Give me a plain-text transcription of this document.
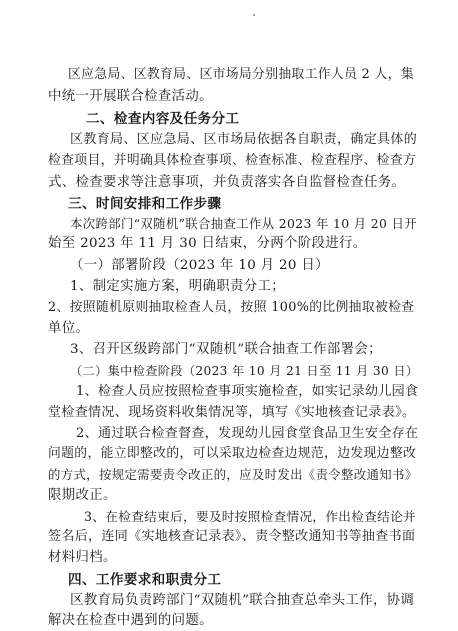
区应急局、区教育局、区市场局分别抽取工作人员 2 人，集
中统一开展联合检查活动。
二、检查内容及任务分工
区教育局、区应急局、区市场局依据各自职责，确定具体的
检查项目，并明确具体检查事项、检查标准、检查程序、检查方
式、检查要求等注意事项，并负责落实各自监督检查任务。
三、时间安排和工作步骤
本次跨部门“双随机”联合抽查工作从 2023 年 10 月 20 日开
始至 2023 年 11 月 30 日结束，分两个阶段进行。
（一）部署阶段（2023 年 10 月 20 日）
1、制定实施方案，明确职责分工；
2、按照随机原则抽取检查人员，按照 100%的比例抽取被检查
单位。
3、召开区级跨部门“双随机”联合抽查工作部署会；
（二）集中检查阶段（2023 年 10 月 21 日至 11 月 30 日）
1、检查人员应按照检查事项实施检查，如实记录幼儿园食
堂检查情况、现场资料收集情况等，填写《实地核查记录表》。
2、通过联合检查督查，发现幼儿园食堂食品卫生安全存在
问题的，能立即整改的，可以采取边检查边规范，边发现边整改
的方式，按规定需要责令改正的，应及时发出《责令整改通知书》
限期改正。
3、在检查结束后，要及时按照检查情况，作出检查结论并
签名后，连同《实地核查记录表》、责令整改通知书等抽查书面
材料归档。
四、工作要求和职责分工
区教育局负责跨部门“双随机”联合抽查总牵头工作，协调
解决在检查中遇到的问题。
